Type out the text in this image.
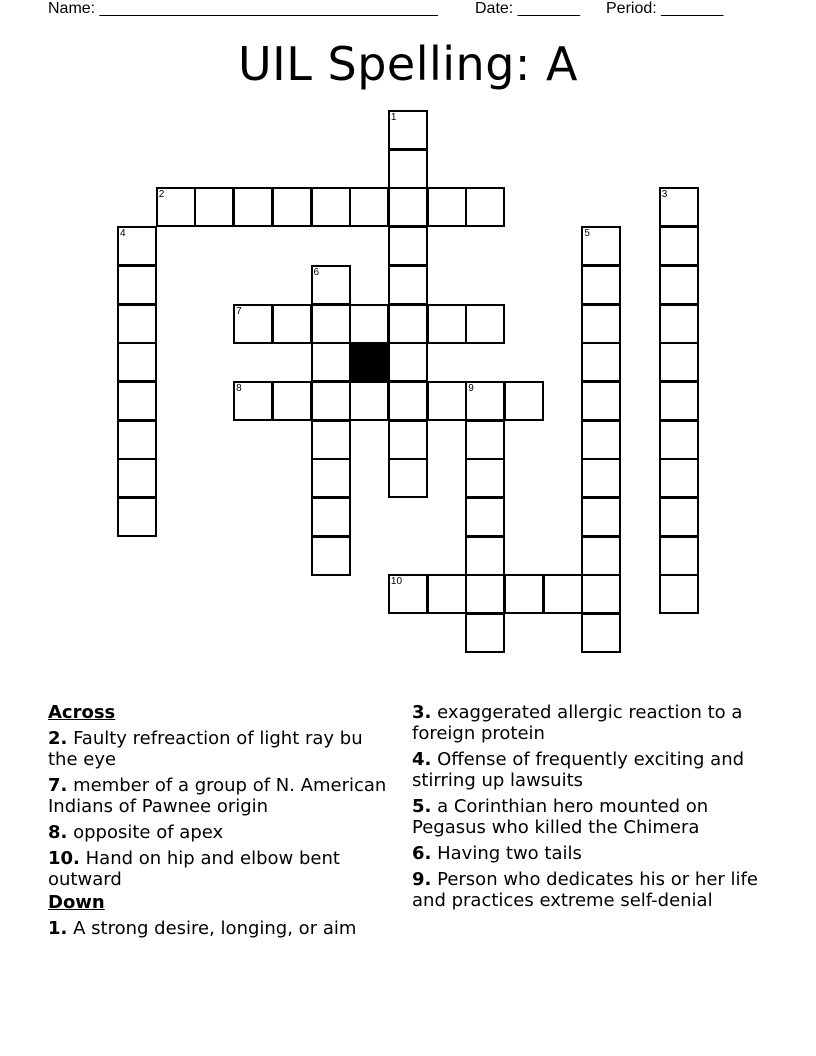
Name: ______________________________________ Date: _______ Period: _______
UIL Spelling: A
1
2	3
4	5
6
7
8	9
10
Across
2. Faulty refreaction of light ray bu the eye
7. member of a group of N. American Indians of Pawnee origin
8. opposite of apex
10. Hand on hip and elbow bent outward
Down
1. A strong desire, longing, or aim
3. exaggerated allergic reaction to a foreign protein
4. Offense of frequently exciting and stirring up lawsuits
5. a Corinthian hero mounted on Pegasus who killed the Chimera
6. Having two tails
9. Person who dedicates his or her life and practices extreme self-denial
